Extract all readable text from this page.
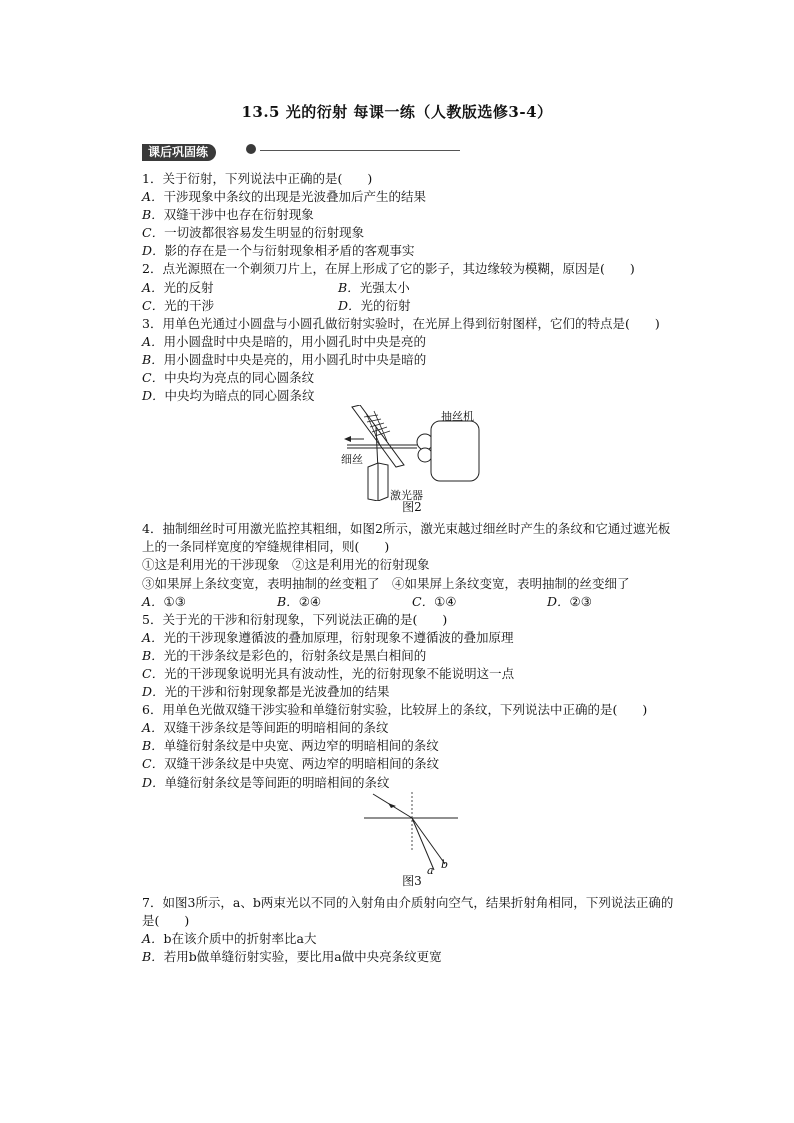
13.5 光的衍射 每课一练（人教版选修3-4）
课后巩固练
1．关于衍射，下列说法中正确的是(　　)
A．干涉现象中条纹的出现是光波叠加后产生的结果
B．双缝干涉中也存在衍射现象
C．一切波都很容易发生明显的衍射现象
D．影的存在是一个与衍射现象相矛盾的客观事实
2．点光源照在一个剃须刀片上，在屏上形成了它的影子，其边缘较为模糊，原因是(　　)
A．光的反射	B．光强太小
C．光的干涉	D．光的衍射
3．用单色光通过小圆盘与小圆孔做衍射实验时，在光屏上得到衍射图样，它们的特点是(　　)
A．用小圆盘时中央是暗的，用小圆孔时中央是亮的
B．用小圆盘时中央是亮的，用小圆孔时中央是暗的
C．中央均为亮点的同心圆条纹
D．中央均为暗点的同心圆条纹
抽丝机
细丝
激光器
图2
4．抽制细丝时可用激光监控其粗细，如图2所示，激光束越过细丝时产生的条纹和它通过遮光板上的一条同样宽度的窄缝规律相同，则(　　)
①这是利用光的干涉现象　②这是利用光的衍射现象
③如果屏上条纹变宽，表明抽制的丝变粗了　④如果屏上条纹变宽，表明抽制的丝变细了
A．①③	B．②④	C．①④	D．②③
5．关于光的干涉和衍射现象，下列说法正确的是(　　)
A．光的干涉现象遵循波的叠加原理，衍射现象不遵循波的叠加原理
B．光的干涉条纹是彩色的，衍射条纹是黑白相间的
C．光的干涉现象说明光具有波动性，光的衍射现象不能说明这一点
D．光的干涉和衍射现象都是光波叠加的结果
6．用单色光做双缝干涉实验和单缝衍射实验，比较屏上的条纹，下列说法中正确的是(　　)
A．双缝干涉条纹是等间距的明暗相间的条纹
B．单缝衍射条纹是中央宽、两边窄的明暗相间的条纹
C．双缝干涉条纹是中央宽、两边窄的明暗相间的条纹
D．单缝衍射条纹是等间距的明暗相间的条纹
a b
图3
7．如图3所示，a、b两束光以不同的入射角由介质射向空气，结果折射角相同，下列说法正确的是(　　)
A．b在该介质中的折射率比a大
B．若用b做单缝衍射实验，要比用a做中央亮条纹更宽
